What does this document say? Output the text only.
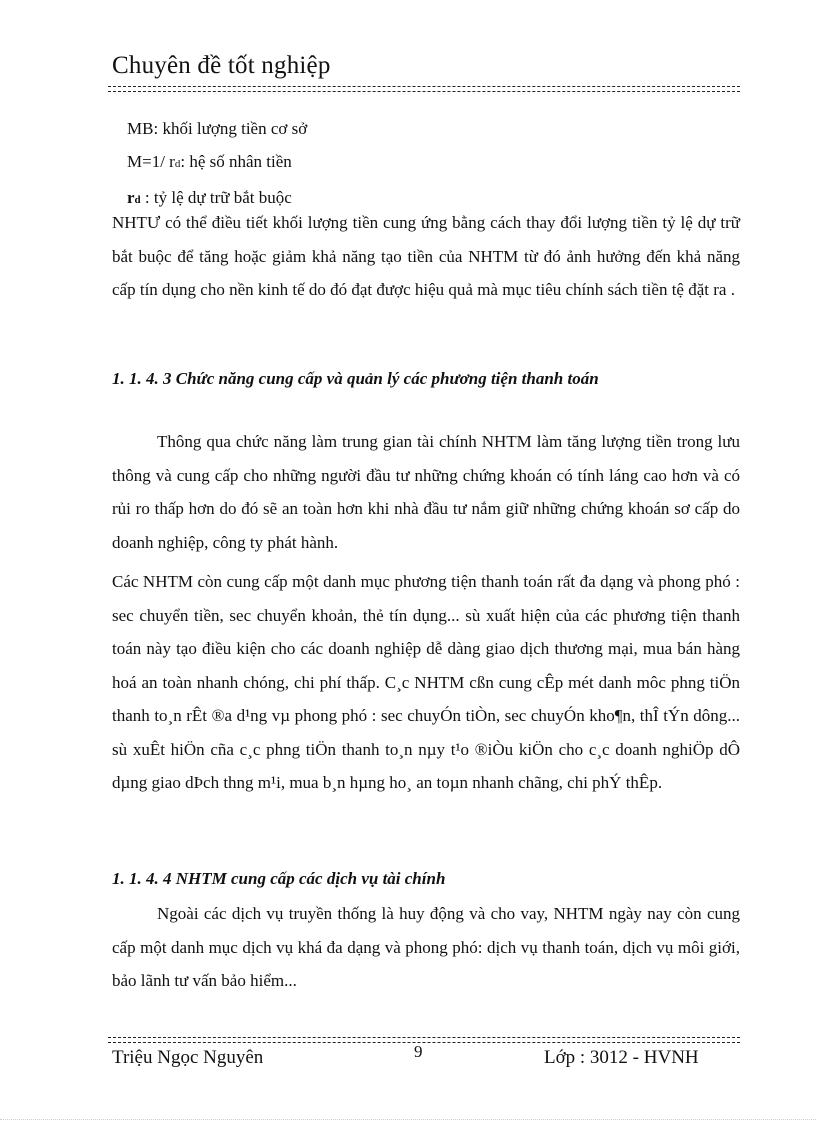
Chuyên đề tốt nghiệp
MB: khối lượng tiền cơ sở
M=1/ rd: hệ số nhân tiền
rd : tỷ lệ dự trữ bắt buộc
NHTƯ có thể điều tiết khối lượng tiền cung ứng bằng cách thay đổi lượng tiền tỷ lệ dự trữ bắt buộc để tăng hoặc giảm khả năng tạo tiền của NHTM từ đó ảnh hưởng đến khả năng cấp tín dụng cho nền kinh tế do đó đạt được hiệu quả mà mục tiêu chính sách tiền tệ đặt ra .
1. 1. 4. 3 Chức năng cung cấp và quản lý các phương tiện thanh toán
Thông qua chức năng làm trung gian tài chính NHTM làm tăng lượng tiền trong lưu thông và cung cấp cho những người đầu tư những chứng khoán có tính láng cao hơn và có rủi ro thấp hơn do đó sẽ an toàn hơn khi nhà đầu tư nắm giữ những chứng khoán sơ cấp do doanh nghiệp, công ty phát hành.
Các NHTM còn cung cấp một danh mục phương tiện thanh toán rất đa dạng và phong phó : sec chuyển tiền, sec chuyển khoản, thẻ tín dụng... sù xuất hiện của các phương tiện thanh toán này tạo điều kiện cho các doanh nghiệp dễ dàng giao dịch thương mại, mua bán hàng hoá an toàn nhanh chóng, chi phí thấp. C¸c NHTM cßn cung cÊp mét danh môc phng tiÖn thanh to¸n rÊt ®a d¹ng vµ phong phó : sec chuyÓn tiÒn, sec chuyÓn kho¶n, thÎ tÝn dông... sù xuÊt hiÖn cña c¸c phng tiÖn thanh to¸n nµy t¹o ®iÒu kiÖn cho c¸c doanh nghiÖp dÔ dµng giao dÞch thng m¹i, mua b¸n hµng ho¸ an toµn nhanh chãng, chi phÝ thÊp.
1. 1. 4. 4 NHTM cung cấp các dịch vụ tài chính
Ngoài các dịch vụ truyền thống là huy động và cho vay, NHTM ngày nay còn cung cấp một danh mục dịch vụ khá đa dạng và phong phó: dịch vụ thanh toán, dịch vụ môi giới, bảo lãnh tư vấn bảo hiểm...
Triệu Ngọc Nguyên	9	Lớp : 3012 - HVNH
